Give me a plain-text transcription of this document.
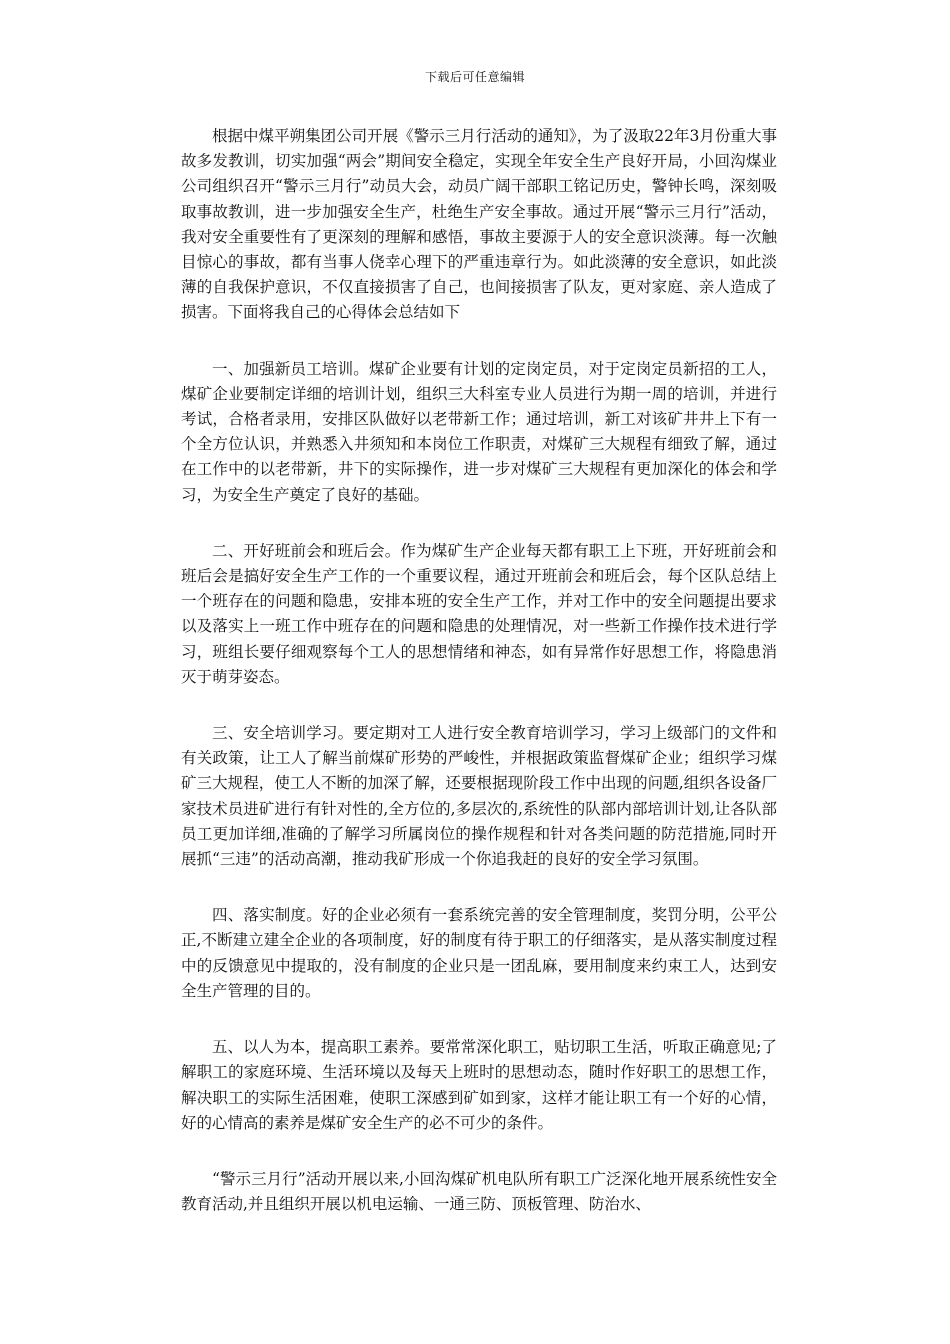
下载后可任意编辑

根据中煤平朔集团公司开展《警示三月行活动的通知》，为了汲取22年3月份重大事故多发教训，切实加强“两会”期间安全稳定，实现全年安全生产良好开局，小回沟煤业公司组织召开“警示三月行”动员大会，动员广阔干部职工铭记历史，警钟长鸣，深刻吸取事故教训，进一步加强安全生产，杜绝生产安全事故。通过开展“警示三月行”活动，我对安全重要性有了更深刻的理解和感悟，事故主要源于人的安全意识淡薄。每一次触目惊心的事故，都有当事人侥幸心理下的严重违章行为。如此淡薄的安全意识，如此淡薄的自我保护意识，不仅直接损害了自己，也间接损害了队友，更对家庭、亲人造成了损害。下面将我自己的心得体会总结如下

一、加强新员工培训。煤矿企业要有计划的定岗定员，对于定岗定员新招的工人，煤矿企业要制定详细的培训计划，组织三大科室专业人员进行为期一周的培训，并进行考试，合格者录用，安排区队做好以老带新工作；通过培训，新工对该矿井井上下有一个全方位认识，并熟悉入井须知和本岗位工作职责，对煤矿三大规程有细致了解，通过在工作中的以老带新，井下的实际操作，进一步对煤矿三大规程有更加深化的体会和学习，为安全生产奠定了良好的基础。

二、开好班前会和班后会。作为煤矿生产企业每天都有职工上下班，开好班前会和班后会是搞好安全生产工作的一个重要议程，通过开班前会和班后会，每个区队总结上一个班存在的问题和隐患，安排本班的安全生产工作，并对工作中的安全问题提出要求以及落实上一班工作中班存在的问题和隐患的处理情况，对一些新工作操作技术进行学习，班组长要仔细观察每个工人的思想情绪和神态，如有异常作好思想工作，将隐患消灭于萌芽姿态。

三、安全培训学习。要定期对工人进行安全教育培训学习，学习上级部门的文件和有关政策，让工人了解当前煤矿形势的严峻性，并根据政策监督煤矿企业；组织学习煤矿三大规程，使工人不断的加深了解，还要根据现阶段工作中出现的问题,组织各设备厂家技术员进矿进行有针对性的,全方位的,多层次的,系统性的队部内部培训计划,让各队部员工更加详细,准确的了解学习所属岗位的操作规程和针对各类问题的防范措施,同时开展抓“三违”的活动高潮，推动我矿形成一个你追我赶的良好的安全学习氛围。

四、落实制度。好的企业必须有一套系统完善的安全管理制度，奖罚分明，公平公正,不断建立建全企业的各项制度，好的制度有待于职工的仔细落实，是从落实制度过程中的反馈意见中提取的，没有制度的企业只是一团乱麻，要用制度来约束工人，达到安全生产管理的目的。

五、以人为本，提高职工素养。要常常深化职工，贴切职工生活，听取正确意见;了解职工的家庭环境、生活环境以及每天上班时的思想动态，随时作好职工的思想工作，解决职工的实际生活困难，使职工深感到矿如到家，这样才能让职工有一个好的心情，好的心情高的素养是煤矿安全生产的必不可少的条件。

“警示三月行”活动开展以来,小回沟煤矿机电队所有职工广泛深化地开展系统性安全教育活动,并且组织开展以机电运输、一通三防、顶板管理、防治水、
